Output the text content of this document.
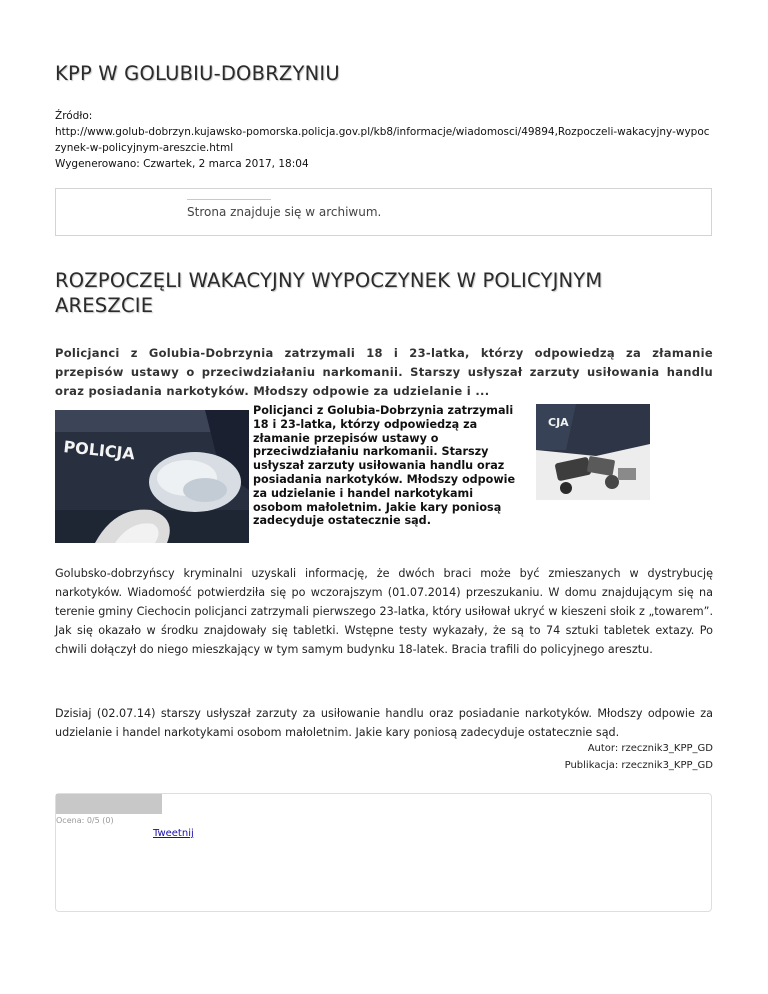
KPP W GOLUBIU-DOBRZYNIU
Źródło:
http://www.golub-dobrzyn.kujawsko-pomorska.policja.gov.pl/kb8/informacje/wiadomosci/49894,Rozpoczeli-wakacyjny-wypoc
zynek-w-policyjnym-areszcie.html
Wygenerowano: Czwartek, 2 marca 2017, 18:04
Strona znajduje się w archiwum.
ROZPOCZĘLI WAKACYJNY WYPOCZYNEK W POLICYJNYM ARESZCIE

Policjanci z Golubia-Dobrzynia zatrzymali 18 i 23-latka, którzy odpowiedzą za złamanie przepisów ustawy o przeciwdziałaniu narkomanii. Starszy usłyszał zarzuty usiłowania handlu oraz posiadania narkotyków. Młodszy odpowie za udzielanie i ...

POLICJA

Policjanci z Golubia-Dobrzynia zatrzymali 18 i 23-latka, którzy odpowiedzą za złamanie przepisów ustawy o przeciwdziałaniu narkomanii. Starszy usłyszał zarzuty usiłowania handlu oraz posiadania narkotyków. Młodszy odpowie za udzielanie i handel narkotykami osobom małoletnim. Jakie kary poniosą zadecyduje ostatecznie sąd.

CJA

Golubsko-dobrzyńscy kryminalni uzyskali informację, że dwóch braci może być zmieszanych w dystrybucję narkotyków. Wiadomość potwierdziła się po wczorajszym (01.07.2014) przeszukaniu. W domu znajdującym się na terenie gminy Ciechocin policjanci zatrzymali pierwszego 23-latka, który usiłował ukryć w kieszeni słoik z „towarem”. Jak się okazało w środku znajdowały się tabletki. Wstępne testy wykazały, że są to 74 sztuki tabletek extazy. Po chwili dołączył do niego mieszkający w tym samym budynku 18-latek. Bracia trafili do policyjnego aresztu.

Dzisiaj (02.07.14) starszy usłyszał zarzuty za usiłowanie handlu oraz posiadanie narkotyków. Młodszy odpowie za udzielanie i handel narkotykami osobom małoletnim. Jakie kary poniosą zadecyduje ostatecznie sąd.

Autor: rzecznik3_KPP_GD
Publikacja: rzecznik3_KPP_GD
Ocena: 0/5 (0)
Tweetnij
